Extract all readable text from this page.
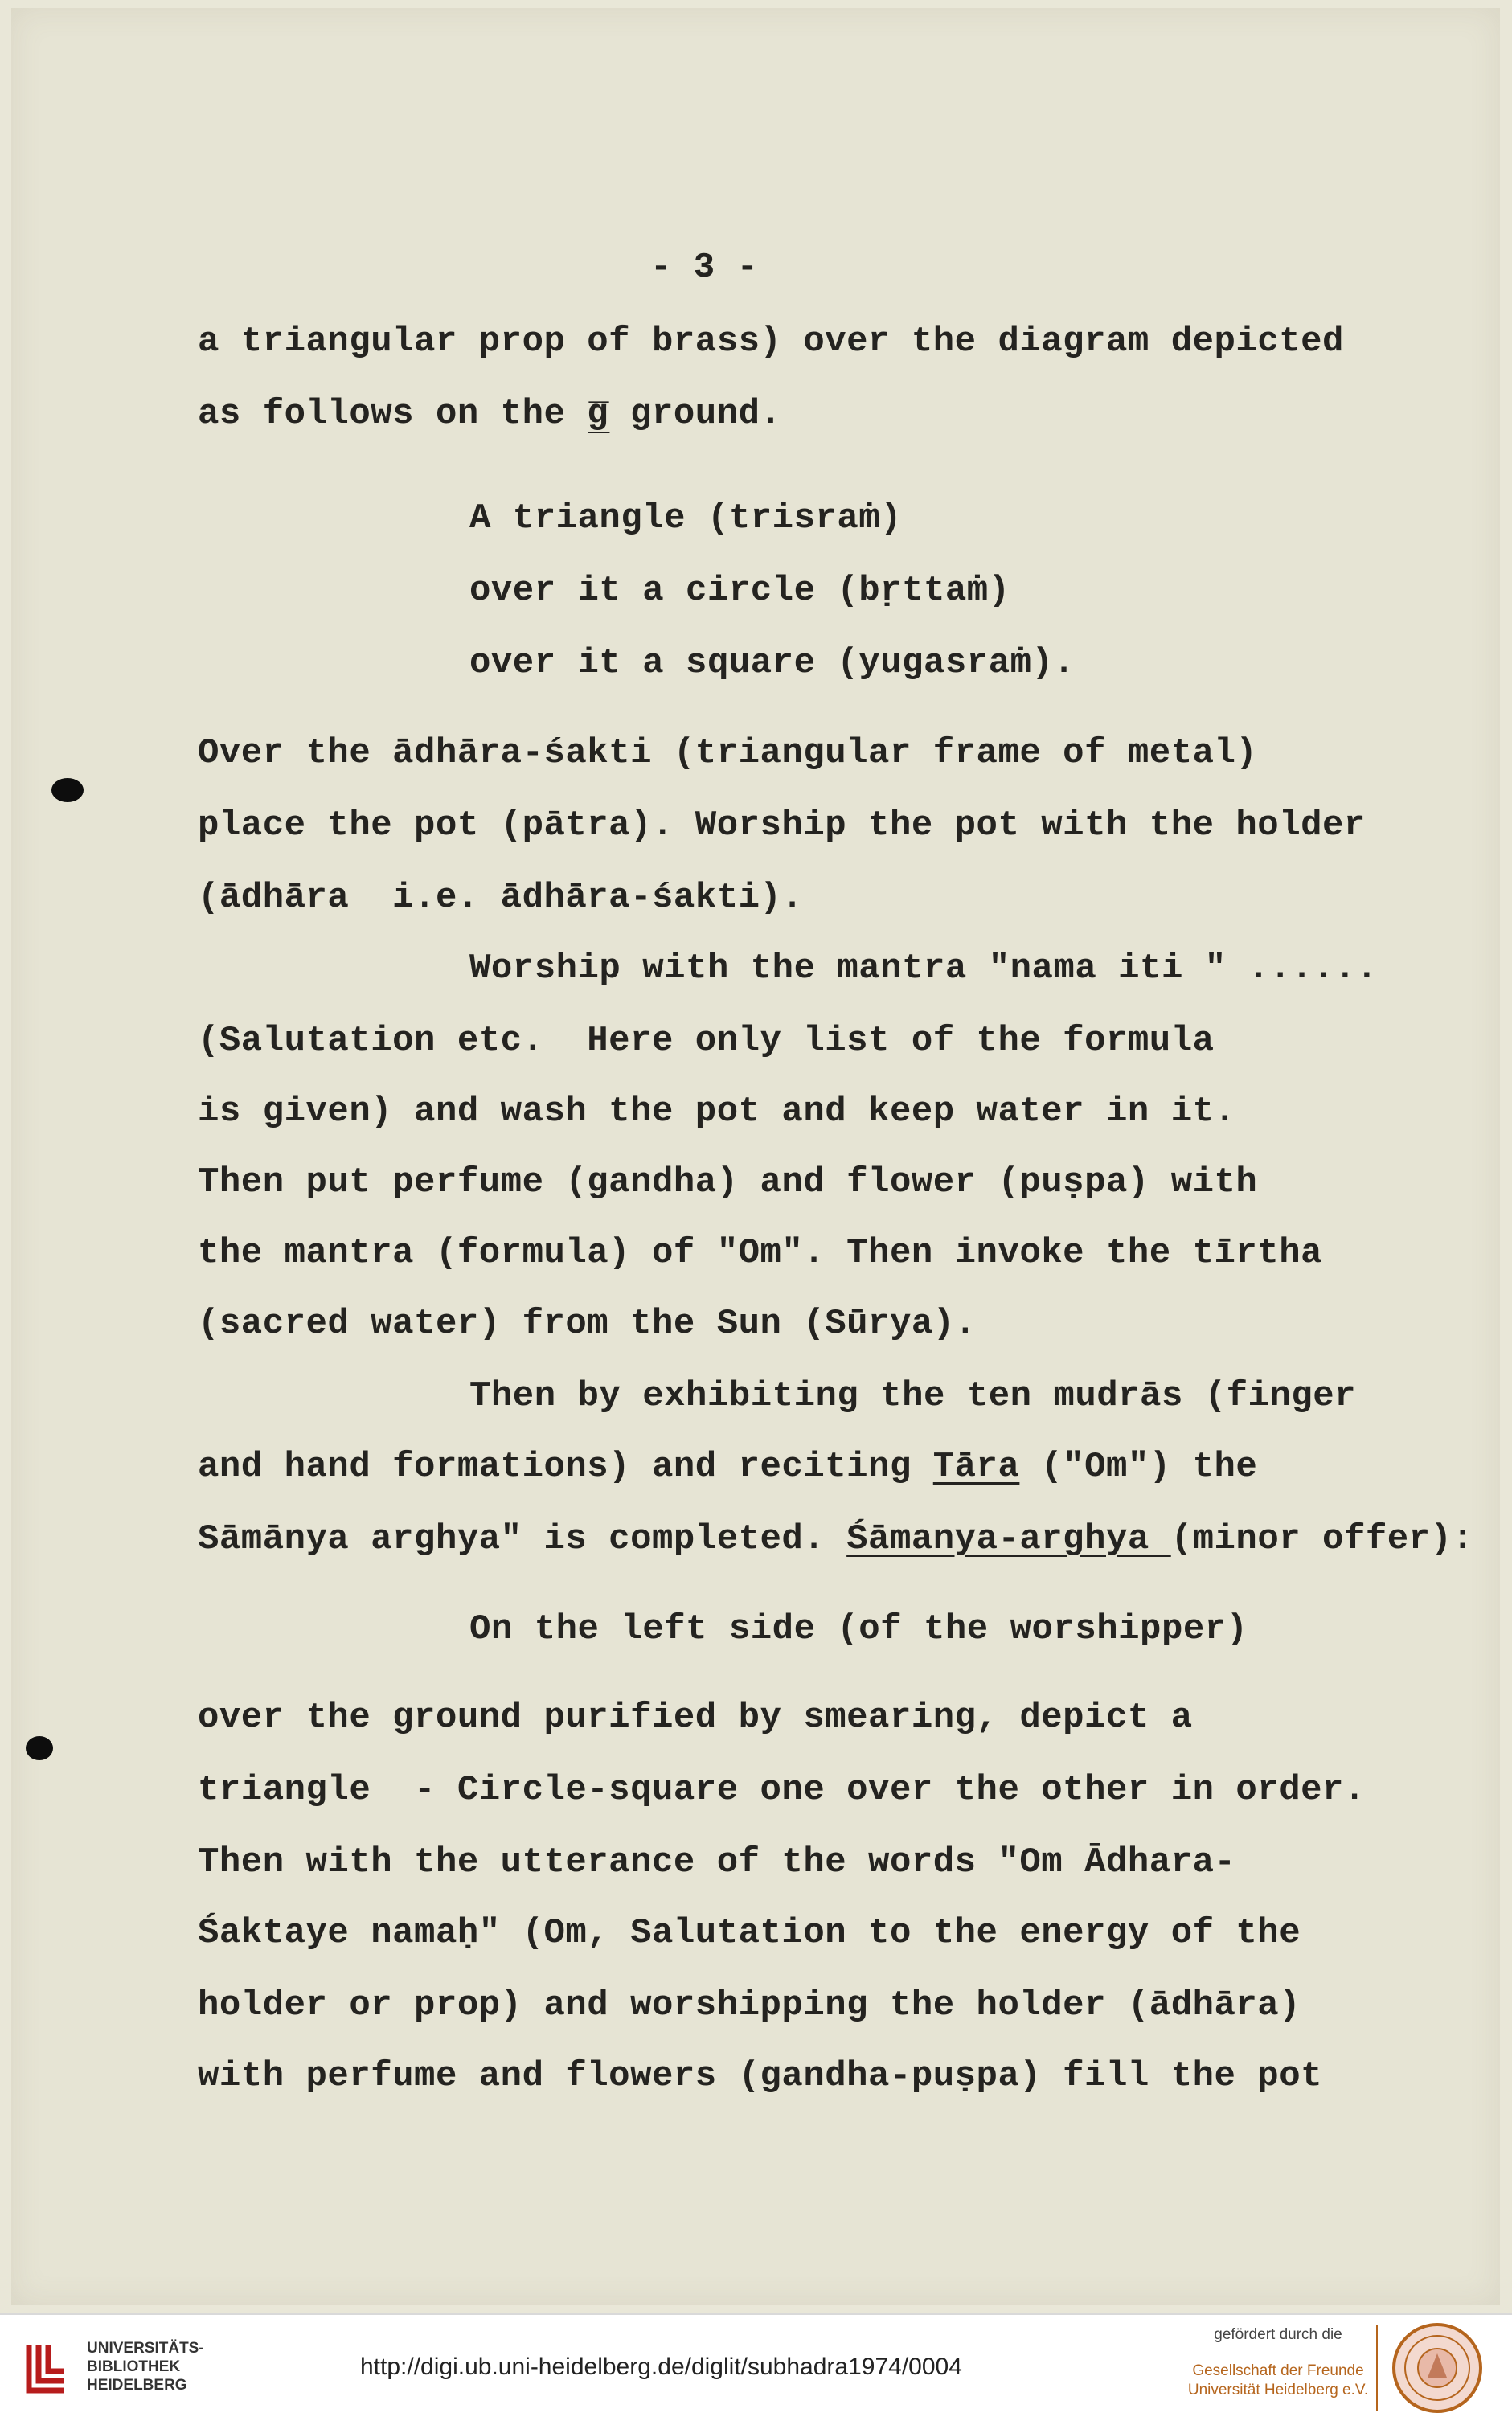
- 3 -
a triangular prop of brass) over the diagram depicted
as follows on the g̲̅ ground.
A triangle (trisraṁ)
over it a circle (bṛttaṁ)
over it a square (yugasraṁ).
Over the ādhāra-śakti (triangular frame of metal)
place the pot (pātra). Worship the pot with the holder
(ādhāra  i.e. ādhāra-śakti).
Worship with the mantra "nama iti " ......
(Salutation etc.  Here only list of the formula
is given) and wash the pot and keep water in it.
Then put perfume (gandha) and flower (puṣpa) with
the mantra (formula) of "Om". Then invoke the tīrtha
(sacred water) from the Sun (Sūrya).
Then by exhibiting the ten mudrās (finger
and hand formations) and reciting Tāra ("Om") the
Sāmānya arghya" is completed. Śāmanya-arghya (minor offer):
On the left side (of the worshipper)
over the ground purified by smearing, depict a
triangle  - Circle-square one over the other in order.
Then with the utterance of the words "Om Ādhara-
Śaktaye namaḥ" (Om, Salutation to the energy of the
holder or prop) and worshipping the holder (ādhāra)
with perfume and flowers (gandha-puṣpa) fill the pot
UNIVERSITÄTS-
BIBLIOTHEK
HEIDELBERG
http://digi.ub.uni-heidelberg.de/diglit/subhadra1974/0004
gefördert durch die
Gesellschaft der Freunde
Universität Heidelberg e.V.
